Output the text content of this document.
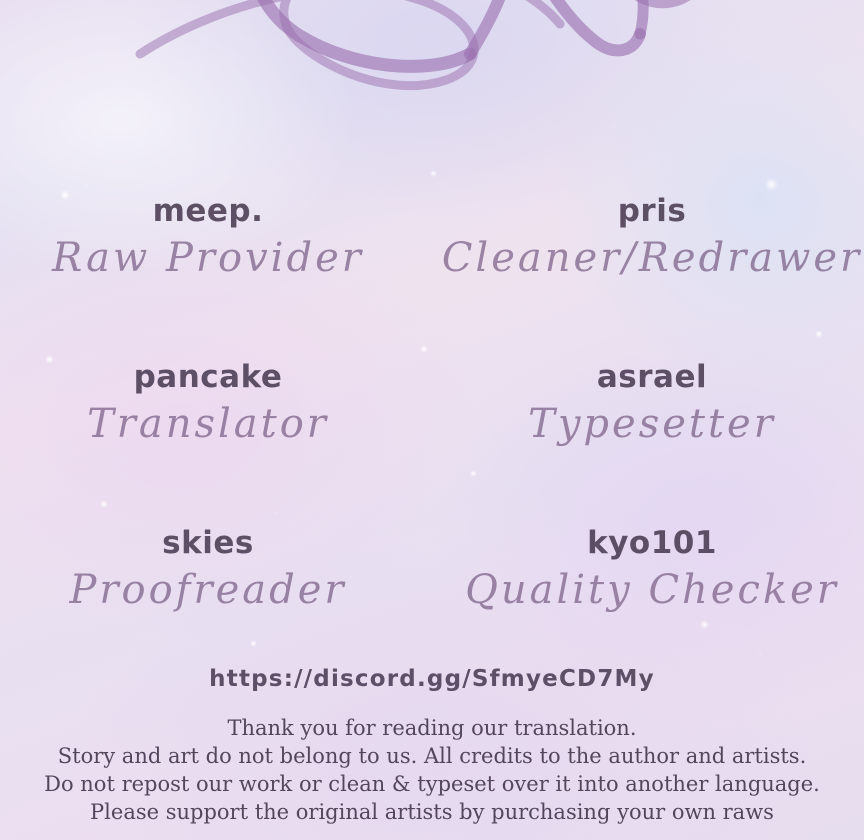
meep.
Raw Provider
pris
Cleaner/Redrawer
pancake
Translator
asrael
Typesetter
skies
Proofreader
kyo101
Quality Checker
https://discord.gg/SfmyeCD7My
Thank you for reading our translation.
Story and art do not belong to us. All credits to the author and artists.
Do not repost our work or clean & typeset over it into another language.
Please support the original artists by purchasing your own raws
